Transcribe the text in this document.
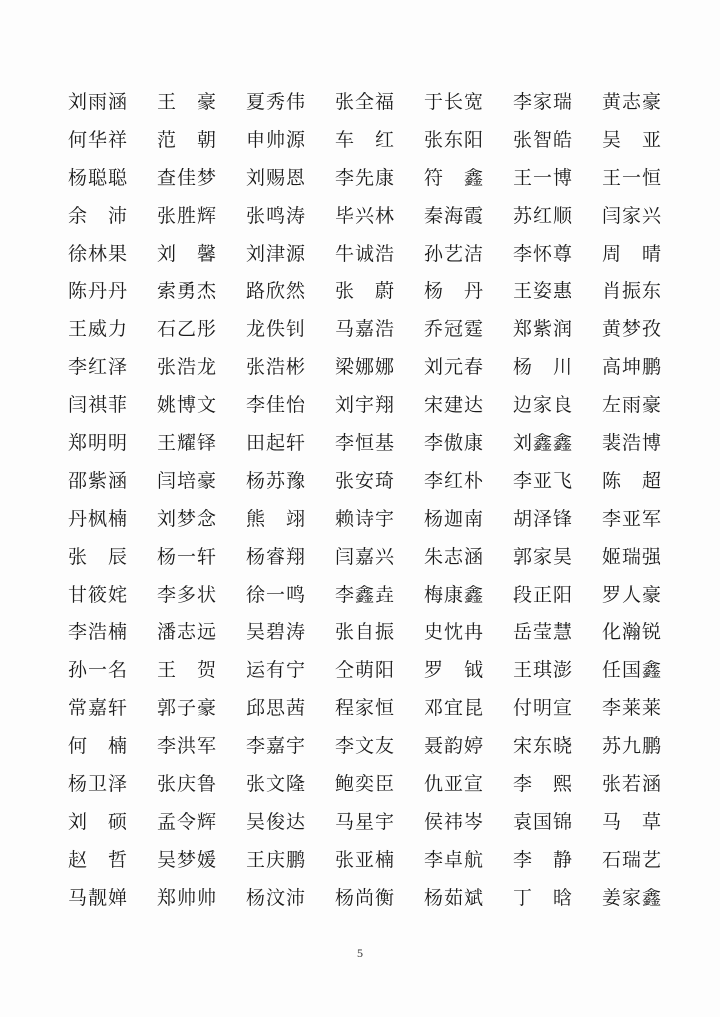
刘雨涵	王　豪	夏秀伟	张全福	于长宽	李家瑞	黄志豪
何华祥	范　朝	申帅源	车　红	张东阳	张智皓	吴　亚
杨聪聪	查佳梦	刘赐恩	李先康	符　鑫	王一博	王一恒
余　沛	张胜辉	张鸣涛	毕兴林	秦海霞	苏红顺	闫家兴
徐林果	刘　馨	刘津源	牛诚浩	孙艺洁	李怀尊	周　晴
陈丹丹	索勇杰	路欣然	张　蔚	杨　丹	王姿惠	肖振东
王威力	石乙彤	龙佚钊	马嘉浩	乔冠霆	郑紫润	黄梦孜
李红泽	张浩龙	张浩彬	梁娜娜	刘元春	杨　川	高坤鹏
闫祺菲	姚博文	李佳怡	刘宇翔	宋建达	边家良	左雨豪
郑明明	王耀铎	田起轩	李恒基	李傲康	刘鑫鑫	裴浩博
邵紫涵	闫培豪	杨苏豫	张安琦	李红朴	李亚飞	陈　超
丹枫楠	刘梦念	熊　翊	赖诗宇	杨迦南	胡泽锋	李亚军
张　辰	杨一轩	杨睿翔	闫嘉兴	朱志涵	郭家昊	姬瑞强
甘筱姹	李多状	徐一鸣	李鑫垚	梅康鑫	段正阳	罗人豪
李浩楠	潘志远	吴碧涛	张自振	史忱冉	岳莹慧	化瀚锐
孙一名	王　贺	运有宁	仝萌阳	罗　钺	王琪澎	任国鑫
常嘉轩	郭子豪	邱思茜	程家恒	邓宜昆	付明宣	李莱莱
何　楠	李洪军	李嘉宇	李文友	聂韵婷	宋东晓	苏九鹏
杨卫泽	张庆鲁	张文隆	鲍奕臣	仇亚宣	李　熙	张若涵
刘　硕	孟令辉	吴俊达	马星宇	侯祎岑	袁国锦	马　草
赵　哲	吴梦媛	王庆鹏	张亚楠	李卓航	李　静	石瑞艺
马靓婵	郑帅帅	杨汶沛	杨尚衡	杨茹斌	丁　晗	姜家鑫
5
